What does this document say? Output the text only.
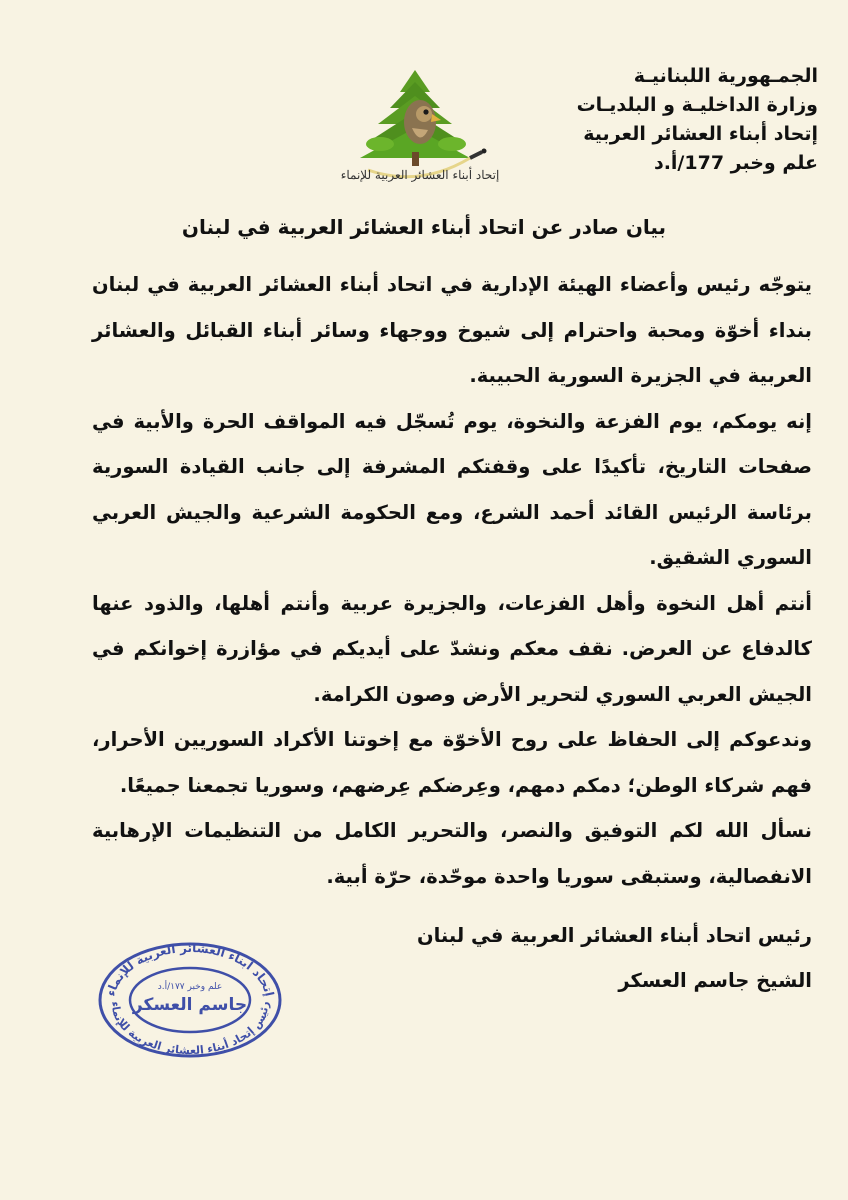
الجمـهورية اللبنانيـة
وزارة الداخليـة و البلديـات
إتحاد أبناء العشائر العربية
علم وخبر 177/أ.د
إتحاد أبناء العشائر العربية للإنماء
بيان صادر عن اتحاد أبناء العشائر العربية في لبنان

يتوجّه رئيس وأعضاء الهيئة الإدارية في اتحاد أبناء العشائر العربية في لبنان بنداء أخوّة ومحبة واحترام إلى شيوخ ووجهاء وسائر أبناء القبائل والعشائر العربية في الجزيرة السورية الحبيبة.

إنه يومكم، يوم الفزعة والنخوة، يوم تُسجّل فيه المواقف الحرة والأبية في صفحات التاريخ، تأكيدًا على وقفتكم المشرفة إلى جانب القيادة السورية برئاسة الرئيس القائد أحمد الشرع، ومع الحكومة الشرعية والجيش العربي السوري الشقيق.

أنتم أهل النخوة وأهل الفزعات، والجزيرة عربية وأنتم أهلها، والذود عنها كالدفاع عن العرض. نقف معكم ونشدّ على أيديكم في مؤازرة إخوانكم في الجيش العربي السوري لتحرير الأرض وصون الكرامة.

وندعوكم إلى الحفاظ على روح الأخوّة مع إخوتنا الأكراد السوريين الأحرار، فهم شركاء الوطن؛ دمكم دمهم، وعِرضكم عِرضهم، وسوريا تجمعنا جميعًا.

نسأل الله لكم التوفيق والنصر، والتحرير الكامل من التنظيمات الإرهابية الانفصالية، وستبقى سوريا واحدة موحّدة، حرّة أبية.

رئيس اتحاد أبناء العشائر العربية في لبنان
الشيخ جاسم العسكر
إتحاد أبناء العشائر العربية للإنماء
رئيس إتحاد أبناء العشائر العربية للإنماء
علم وخبر ١٧٧/أ.د
جاسم العسكر
